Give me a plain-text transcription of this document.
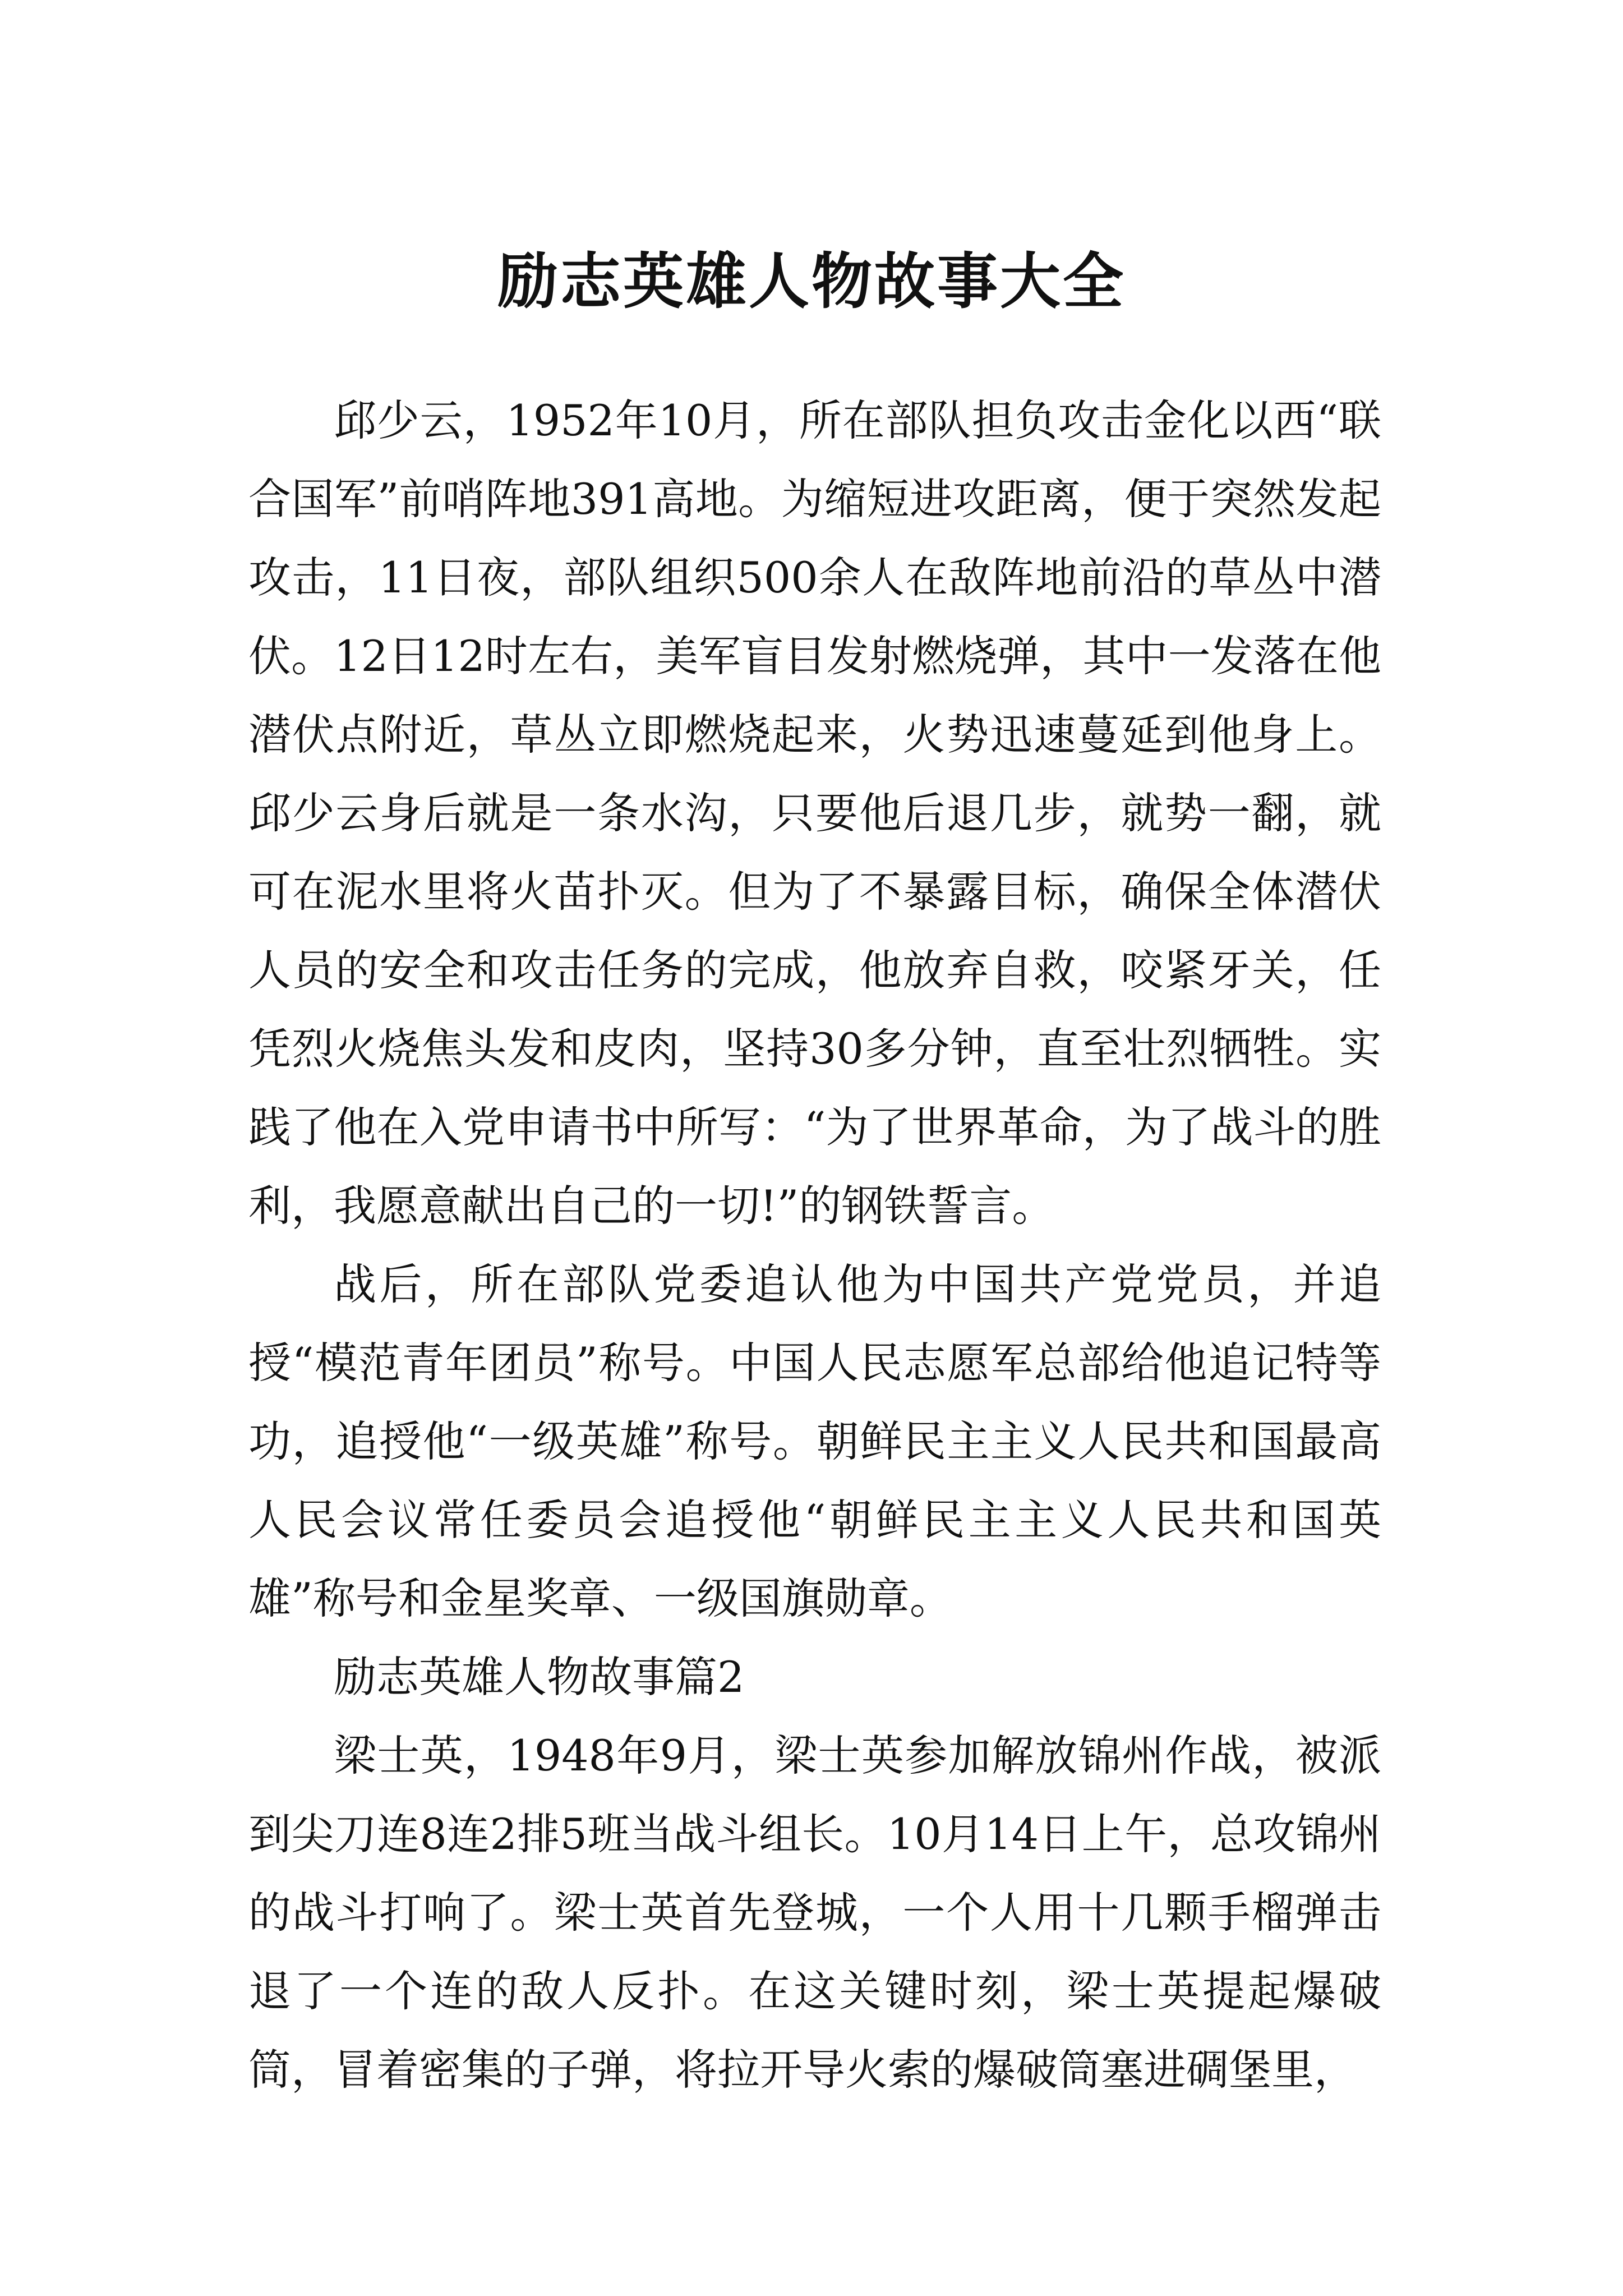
励志英雄人物故事大全

邱少云，1952年10月，所在部队担负攻击金化以西“联合国军”前哨阵地391高地。为缩短进攻距离，便于突然发起攻击，11日夜，部队组织500余人在敌阵地前沿的草丛中潜伏。12日12时左右，美军盲目发射燃烧弹，其中一发落在他潜伏点附近，草丛立即燃烧起来，火势迅速蔓延到他身上。邱少云身后就是一条水沟，只要他后退几步，就势一翻，就可在泥水里将火苗扑灭。但为了不暴露目标，确保全体潜伏人员的安全和攻击任务的完成，他放弃自救，咬紧牙关，任凭烈火烧焦头发和皮肉，坚持30多分钟，直至壮烈牺牲。实践了他在入党申请书中所写：“为了世界革命，为了战斗的胜利，我愿意献出自己的一切!”的钢铁誓言。

战后，所在部队党委追认他为中国共产党党员，并追授“模范青年团员”称号。中国人民志愿军总部给他追记特等功，追授他“一级英雄”称号。朝鲜民主主义人民共和国最高人民会议常任委员会追授他“朝鲜民主主义人民共和国英雄”称号和金星奖章、一级国旗勋章。

励志英雄人物故事篇2

梁士英，1948年9月，梁士英参加解放锦州作战，被派到尖刀连8连2排5班当战斗组长。10月14日上午，总攻锦州的战斗打响了。梁士英首先登城，一个人用十几颗手榴弹击退了一个连的敌人反扑。在这关键时刻，梁士英提起爆破筒，冒着密集的子弹，将拉开导火索的爆破筒塞进碉堡里，
